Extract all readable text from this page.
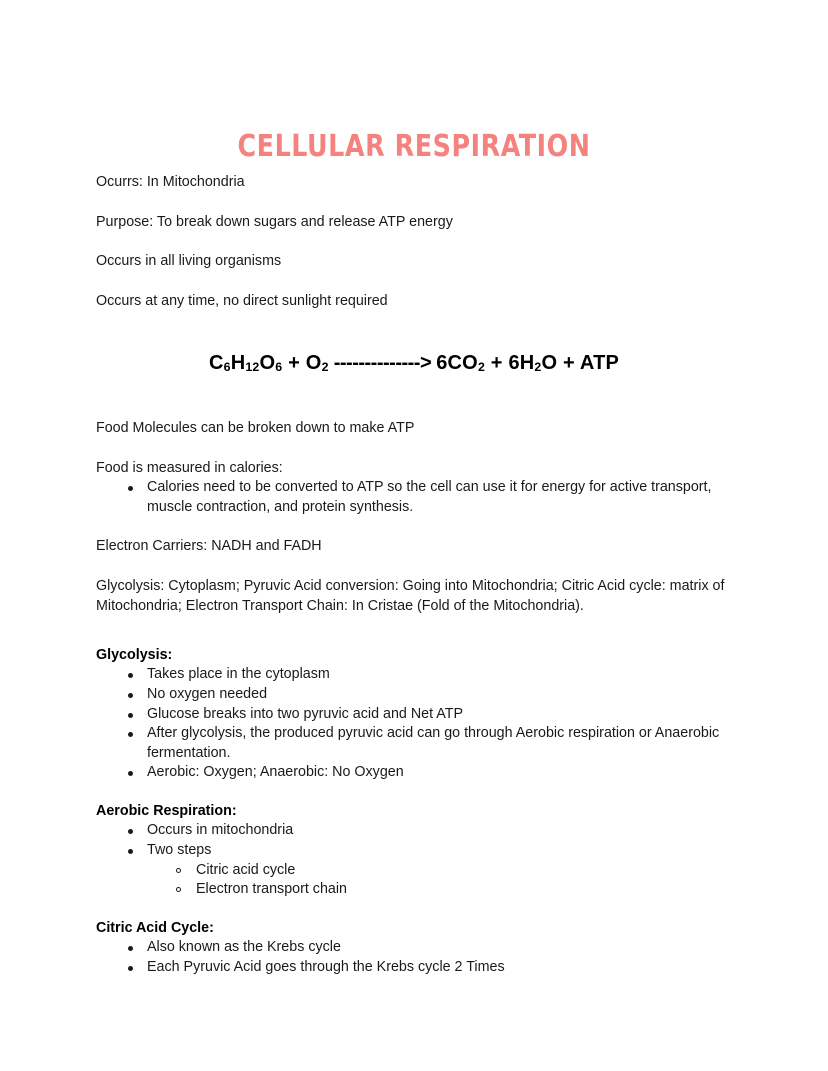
CELLULAR RESPIRATION

Ocurrs: In Mitochondria

Purpose: To break down sugars and release ATP energy

Occurs in all living organisms

Occurs at any time, no direct sunlight required

$C_6H_{12}O_6 + O_2$ --------------> $6CO_2 + 6H_2O$ + ATP

Food Molecules can be broken down to make ATP

Food is measured in calories:

Calories need to be converted to ATP so the cell can use it for energy for active transport, muscle contraction, and protein synthesis.

Electron Carriers: NADH and FADH

Glycolysis: Cytoplasm; Pyruvic Acid conversion: Going into Mitochondria; Citric Acid cycle: matrix of Mitochondria; Electron Transport Chain: In Cristae (Fold of the Mitochondria).

Glycolysis:
Takes place in the cytoplasm
No oxygen needed
Glucose breaks into two pyruvic acid and Net ATP
After glycolysis, the produced pyruvic acid can go through Aerobic respiration or Anaerobic fermentation.
Aerobic: Oxygen; Anaerobic: No Oxygen
Aerobic Respiration:
Occurs in mitochondria
Two steps
Citric acid cycle
Electron transport chain
Citric Acid Cycle:
Also known as the Krebs cycle
Each Pyruvic Acid goes through the Krebs cycle 2 Times
